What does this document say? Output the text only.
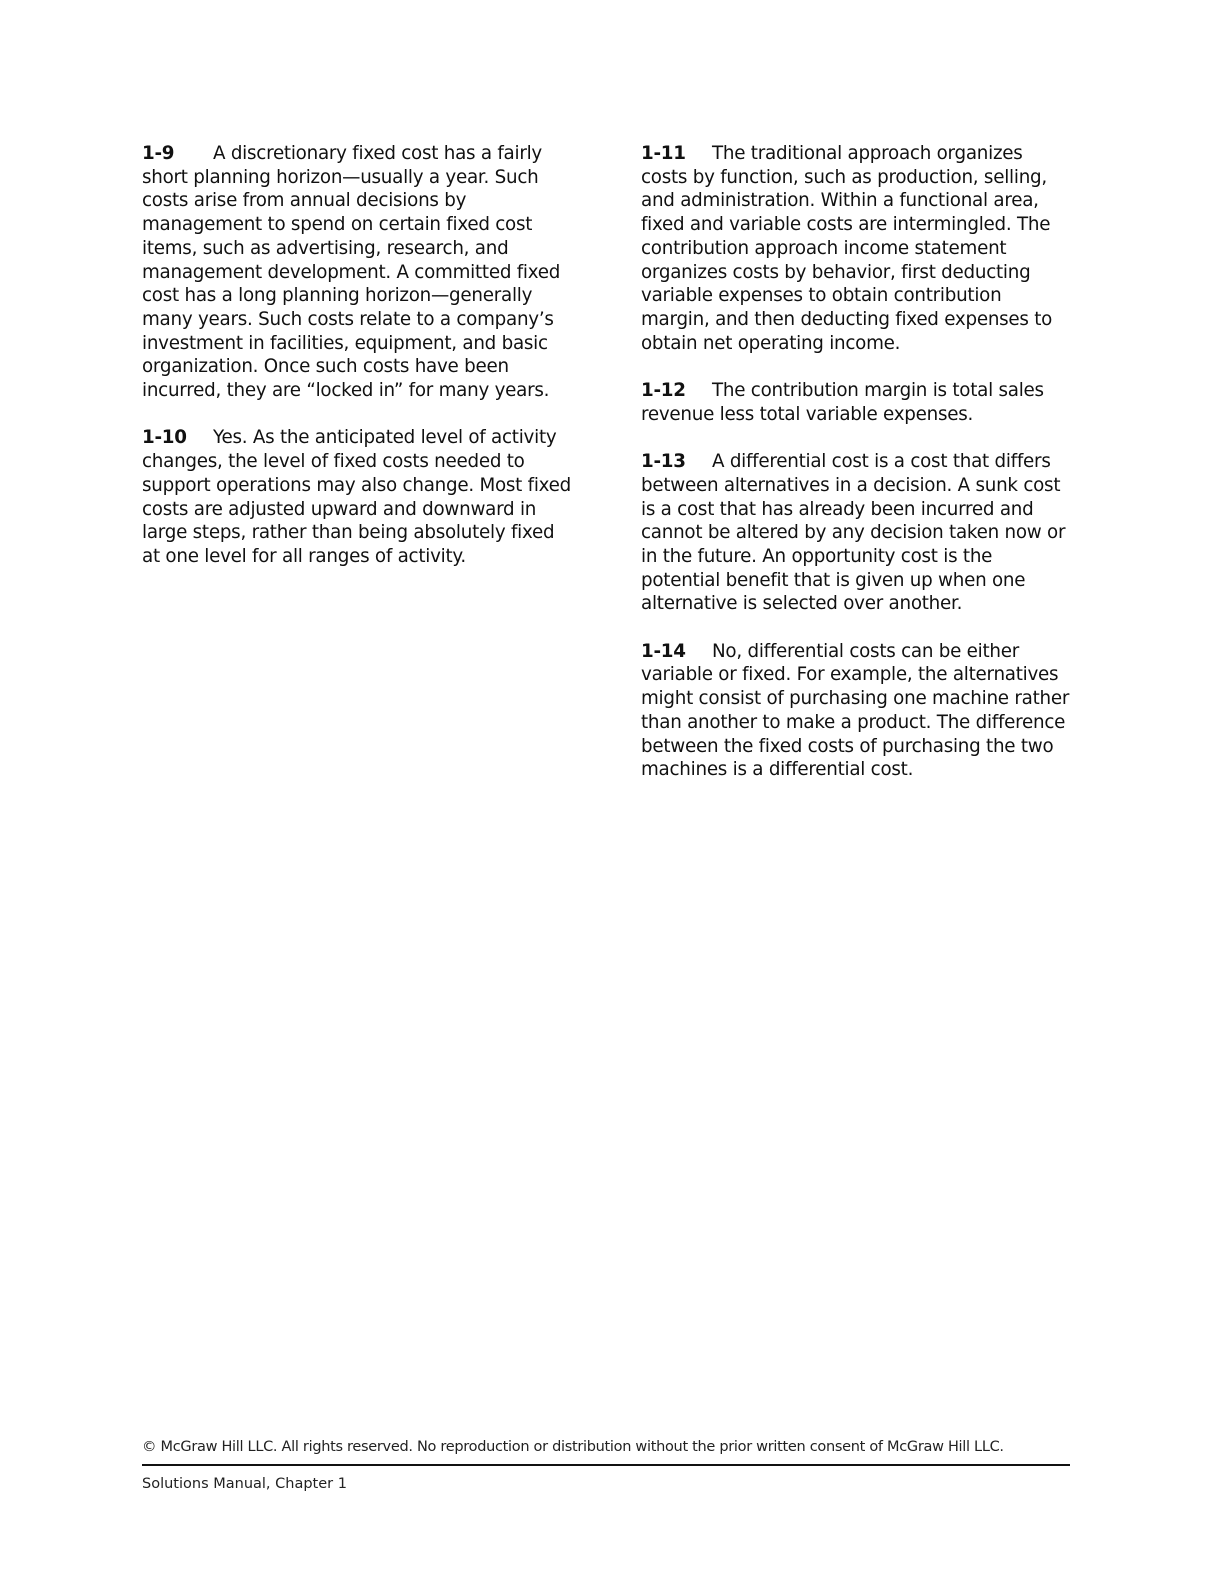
1-9 A discretionary fixed cost has a fairly short planning horizon—usually a year. Such costs arise from annual decisions by management to spend on certain fixed cost items, such as advertising, research, and management development. A committed fixed cost has a long planning horizon—generally many years. Such costs relate to a company’s investment in facilities, equipment, and basic organization. Once such costs have been incurred, they are “locked in” for many years.

1-10 Yes. As the anticipated level of activity changes, the level of fixed costs needed to support operations may also change. Most fixed costs are adjusted upward and downward in large steps, rather than being absolutely fixed at one level for all ranges of activity.

1-11 The traditional approach organizes costs by function, such as production, selling, and administration. Within a functional area, fixed and variable costs are intermingled. The contribution approach income statement organizes costs by behavior, first deducting variable expenses to obtain contribution margin, and then deducting fixed expenses to obtain net operating income.

1-12 The contribution margin is total sales revenue less total variable expenses.

1-13 A differential cost is a cost that differs between alternatives in a decision. A sunk cost is a cost that has already been incurred and cannot be altered by any decision taken now or in the future. An opportunity cost is the potential benefit that is given up when one alternative is selected over another.

1-14 No, differential costs can be either variable or fixed. For example, the alternatives might consist of purchasing one machine rather than another to make a product. The difference between the fixed costs of purchasing the two machines is a differential cost.

© McGraw Hill LLC. All rights reserved. No reproduction or distribution without the prior written consent of McGraw Hill LLC.
Solutions Manual, Chapter 1
